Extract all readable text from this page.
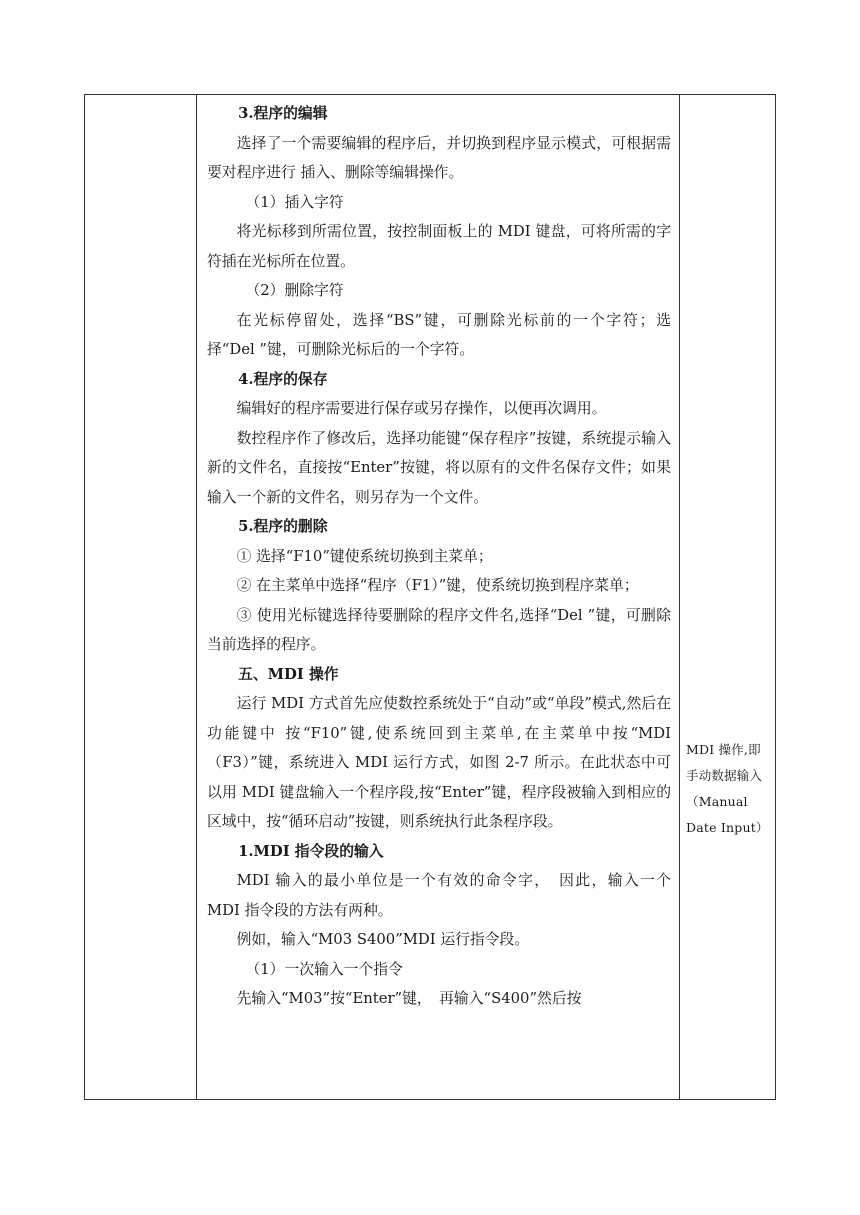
3.程序的编辑

选择了一个需要编辑的程序后，并切换到程序显示模式，可根据需要对程序进行 插入、删除等编辑操作。

（1）插入字符

将光标移到所需位置，按控制面板上的 MDI 键盘，可将所需的字符插在光标所在位置。

（2）删除字符

在光标停留处，选择“BS”键，可删除光标前的一个字符；选择“Del ”键，可删除光标后的一个字符。

4.程序的保存

编辑好的程序需要进行保存或另存操作，以便再次调用。

数控程序作了修改后，选择功能键“保存程序”按键，系统提示输入新的文件名，直接按“Enter”按键，将以原有的文件名保存文件；如果输入一个新的文件名，则另存为一个文件。

5.程序的删除

① 选择“F10”键使系统切换到主菜单；

② 在主菜单中选择“程序（F1）”键，使系统切换到程序菜单；

③ 使用光标键选择待要删除的程序文件名,选择“Del ”键，可删除当前选择的程序。

五、MDI 操作

运行 MDI 方式首先应使数控系统处于“自动”或“单段”模式,然后在功能键中 按“F10”键,使系统回到主菜单,在主菜单中按“MDI（F3）”键，系统进入 MDI 运行方式，如图 2-7 所示。在此状态中可以用 MDI 键盘输入一个程序段,按“Enter”键，程序段被输入到相应的区域中，按“循环启动”按键，则系统执行此条程序段。

1.MDI 指令段的输入

MDI 输入的最小单位是一个有效的命令字，　因此，输入一个 MDI 指令段的方法有两种。

例如，输入“M03 S400”MDI 运行指令段。

（1）一次输入一个指令

先输入“M03”按“Enter”键，　再输入“S400”然后按

MDI 操作,即手动数据输入（Manual Date Input）
